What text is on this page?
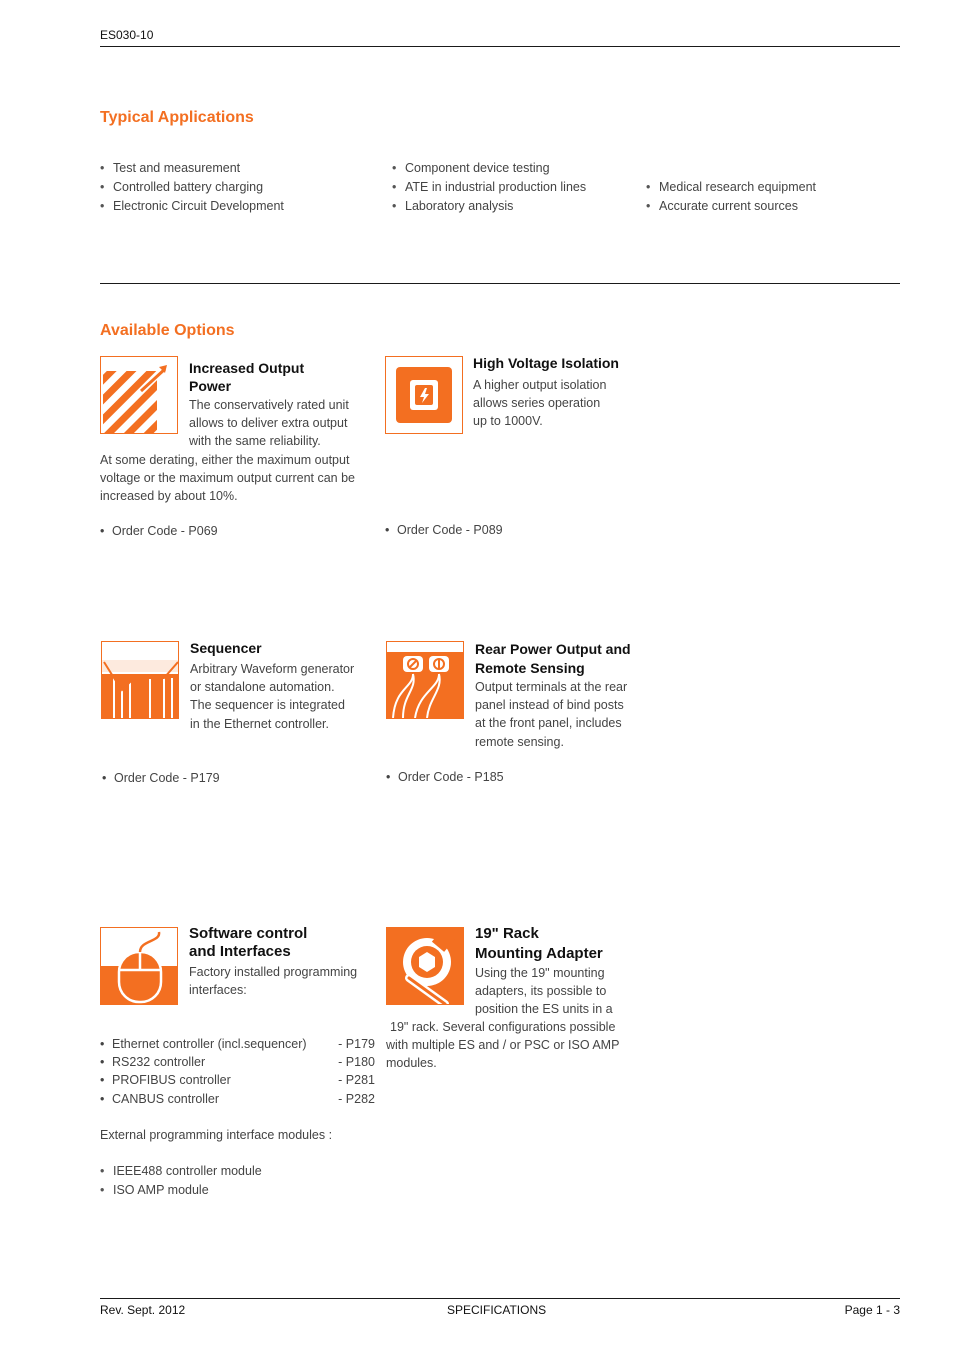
ES030-10
Typical Applications
• Test and measurement
• Controlled battery charging
• Electronic Circuit Development
• Component device testing
• ATE in industrial production lines
• Laboratory analysis
• Medical research equipment
• Accurate current sources
Available Options
Increased Output
Power
The conservatively rated unit
allows to deliver extra output
with the same reliability.
At some derating, either the maximum output
voltage or the maximum output current can be
increased by about 10%.
• Order Code - P069
High Voltage Isolation
A higher output isolation
allows series operation
up to 1000V.
• Order Code - P089
Sequencer
Arbitrary Waveform generator
or standalone automation.
The sequencer is integrated
in the Ethernet controller.
• Order Code - P179
Rear Power Output and
Remote Sensing
Output terminals at the rear
panel instead of bind posts
at the front panel, includes
remote sensing.
• Order Code - P185
Software control
and Interfaces
Factory installed programming
interfaces:
• Ethernet controller (incl.sequencer)	- P179
• RS232 controller	- P180
• PROFIBUS controller	- P281
• CANBUS controller	- P282
External programming interface modules :
• IEEE488 controller module
• ISO AMP module
19" Rack
Mounting Adapter
Using the 19" mounting
adapters, its possible to
position the ES units in a
19" rack. Several configurations possible
with multiple ES and / or PSC or ISO AMP
modules.
Rev. Sept. 2012	SPECIFICATIONS	Page 1 - 3
